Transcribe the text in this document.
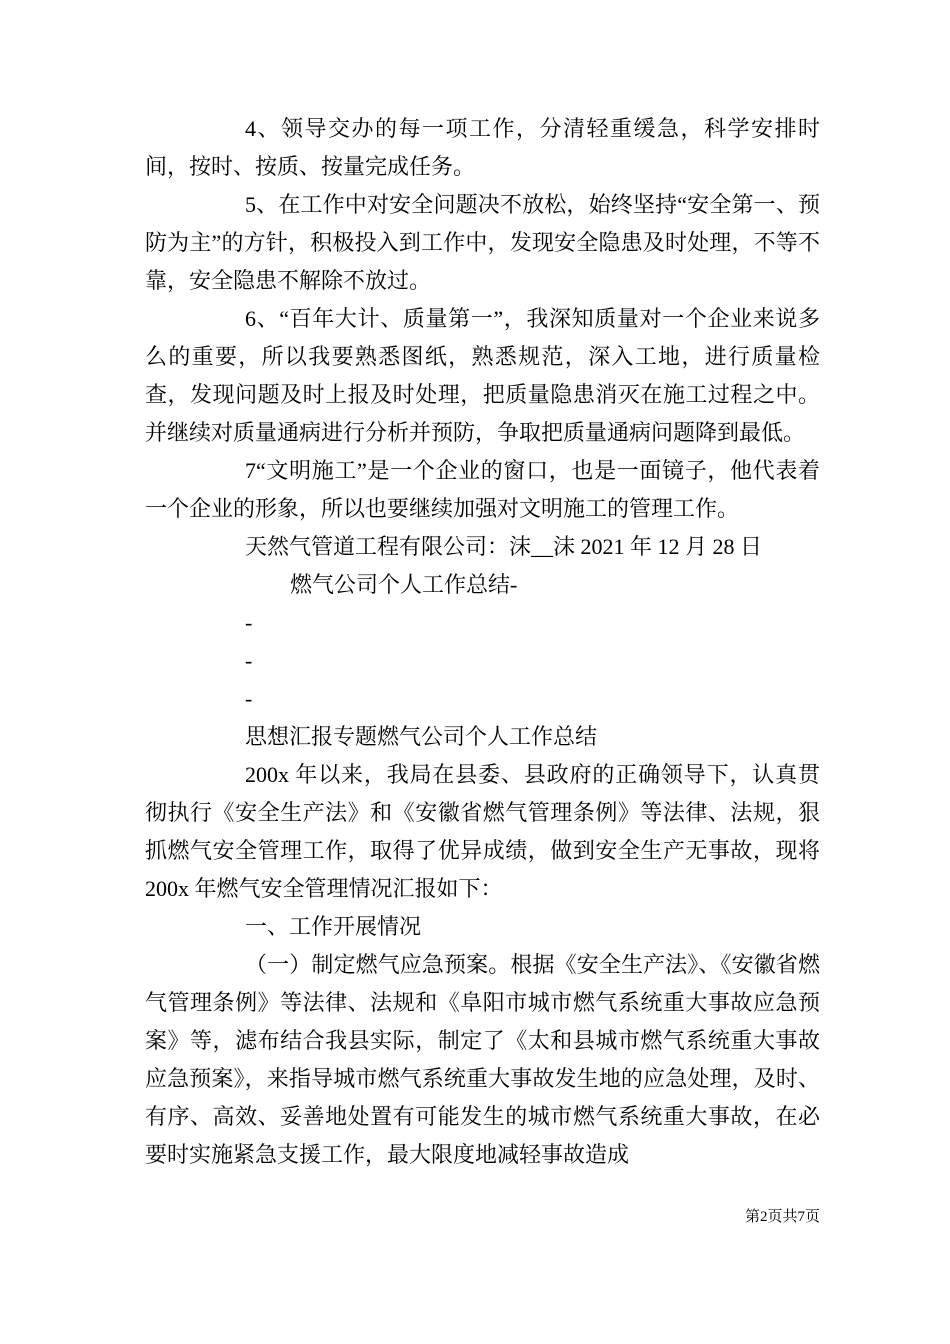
4、领导交办的每一项工作，分清轻重缓急，科学安排时间，按时、按质、按量完成任务。

5、在工作中对安全问题决不放松，始终坚持“安全第一、预防为主”的方针，积极投入到工作中，发现安全隐患及时处理，不等不靠，安全隐患不解除不放过。

6、“百年大计、质量第一”，我深知质量对一个企业来说多么的重要，所以我要熟悉图纸，熟悉规范，深入工地，进行质量检查，发现问题及时上报及时处理，把质量隐患消灭在施工过程之中。并继续对质量通病进行分析并预防，争取把质量通病问题降到最低。

7“文明施工”是一个企业的窗口，也是一面镜子，他代表着一个企业的形象，所以也要继续加强对文明施工的管理工作。

天然气管道工程有限公司：沫__沫 2021 年 12 月 28 日

燃气公司个人工作总结-

-

-

-

思想汇报专题燃气公司个人工作总结

200x 年以来，我局在县委、县政府的正确领导下，认真贯彻执行《安全生产法》和《安徽省燃气管理条例》等法律、法规，狠抓燃气安全管理工作，取得了优异成绩，做到安全生产无事故，现将 200x 年燃气安全管理情况汇报如下：

一、工作开展情况

（一）制定燃气应急预案。根据《安全生产法》、《安徽省燃气管理条例》等法律、法规和《阜阳市城市燃气系统重大事故应急预案》等，滤布结合我县实际，制定了《太和县城市燃气系统重大事故应急预案》，来指导城市燃气系统重大事故发生地的应急处理，及时、有序、高效、妥善地处置有可能发生的城市燃气系统重大事故，在必要时实施紧急支援工作，最大限度地减轻事故造成

第2页共7页
